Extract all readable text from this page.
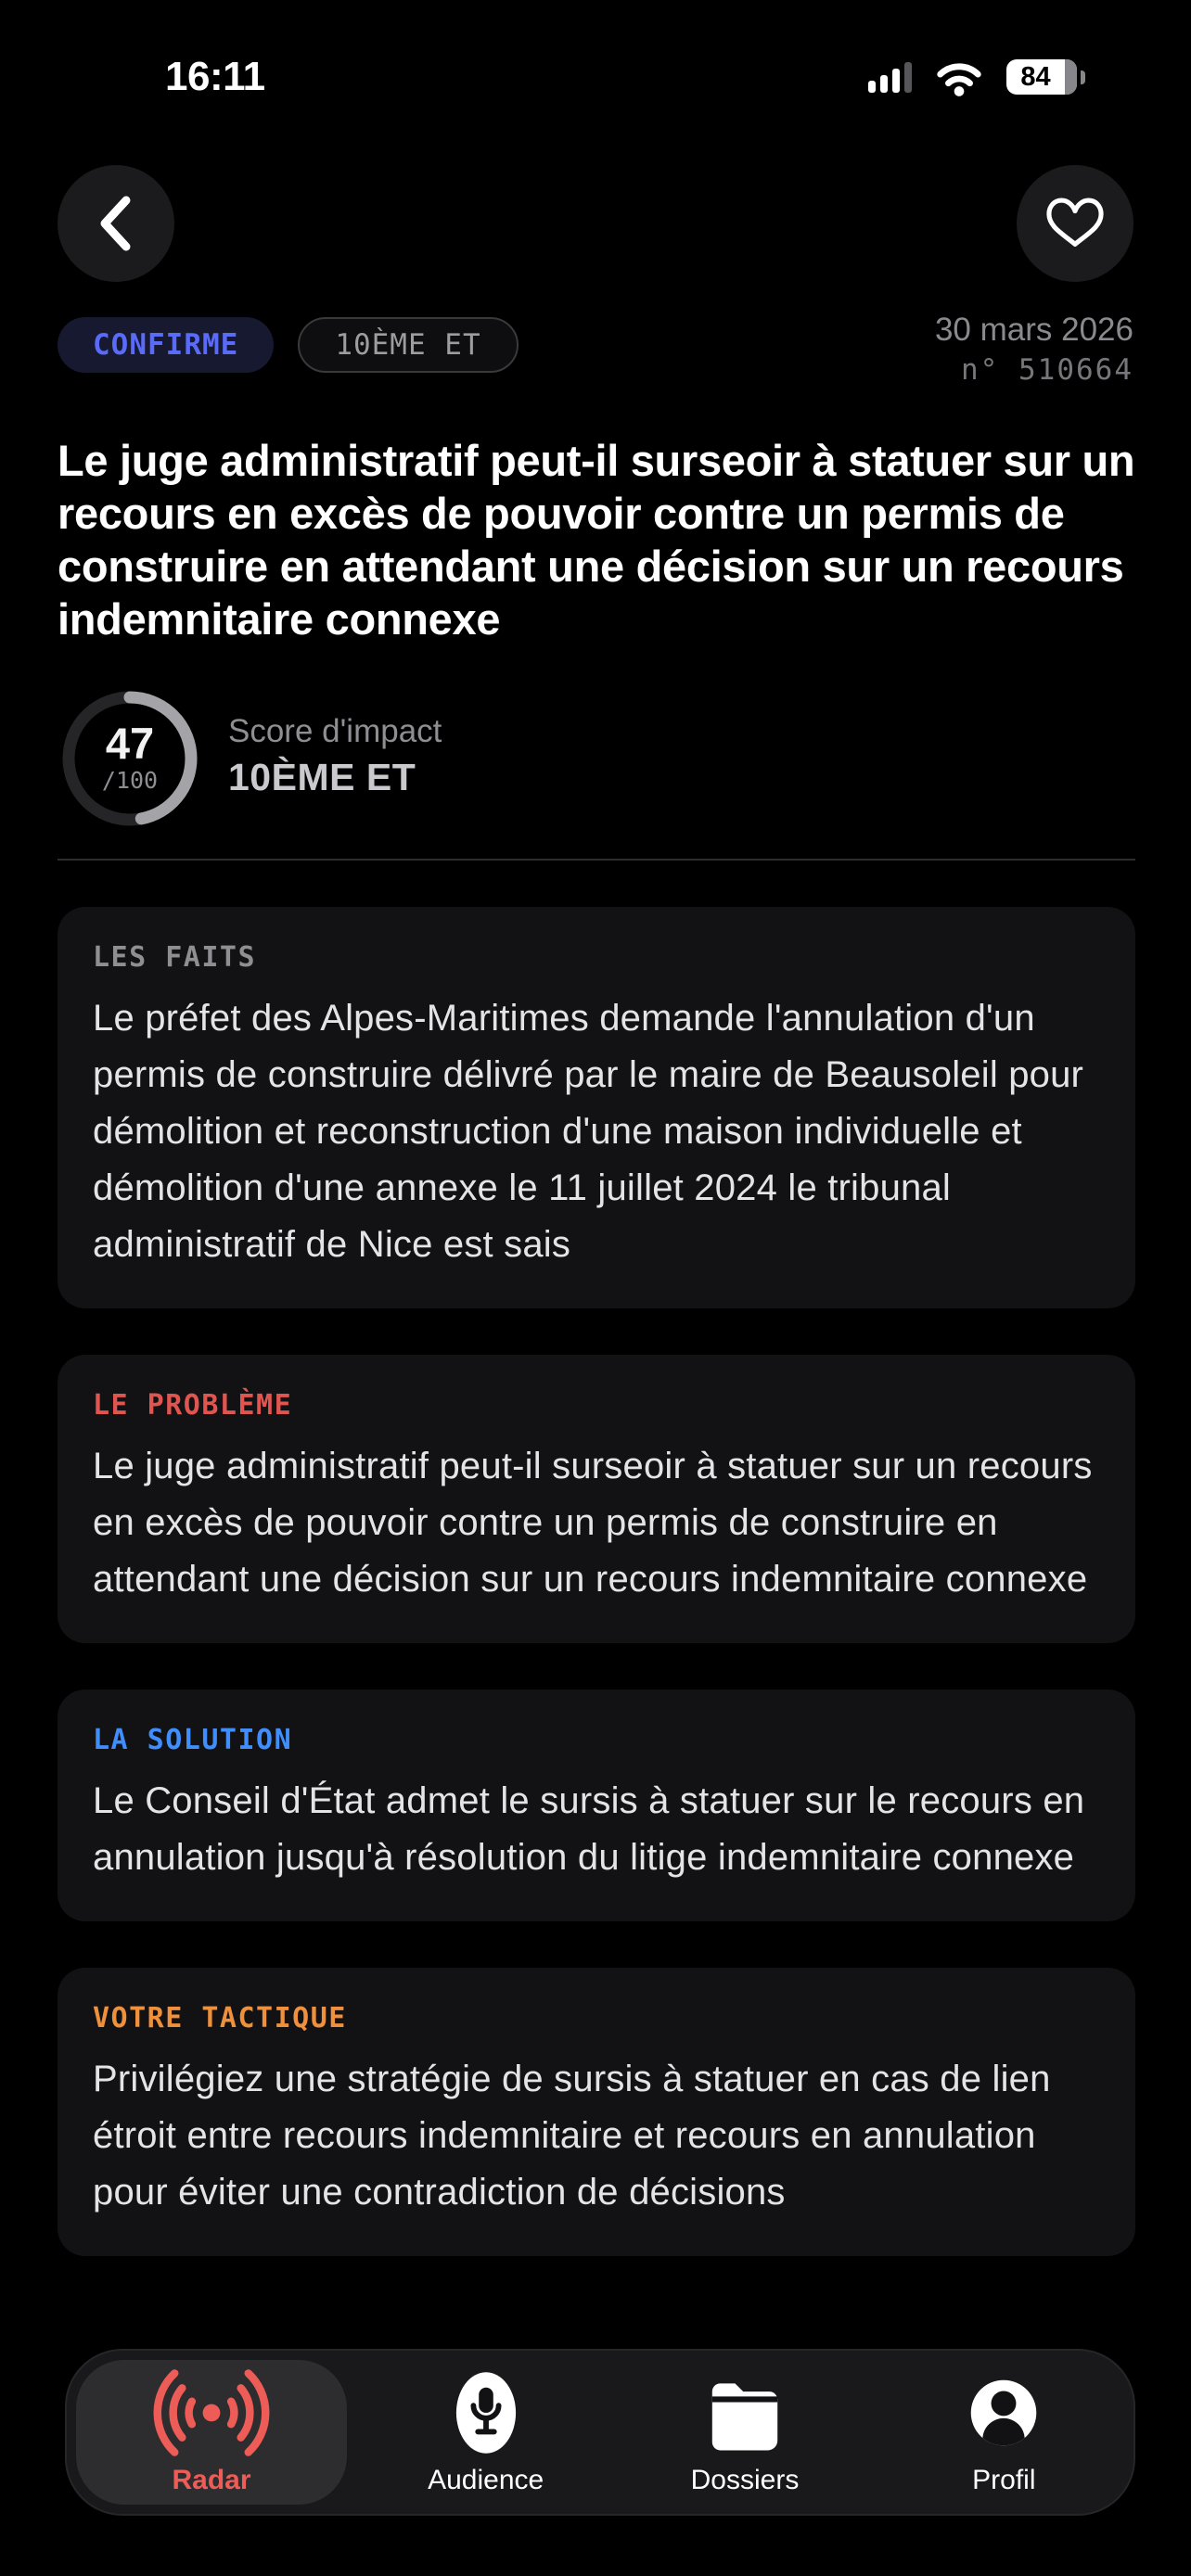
16:11	84
CONFIRME	10ÈME ET	30 mars 2026
n° 510664
Le juge administratif peut-il surseoir à statuer sur un recours en excès de pouvoir contre un permis de construire en attendant une décision sur un recours indemnitaire connexe
47
/100
Score d'impact
10ÈME ET
LES FAITS

Le préfet des Alpes-Maritimes demande l'annulation d'un permis de construire délivré par le maire de Beausoleil pour démolition et reconstruction d'une maison individuelle et démolition d'une annexe le 11 juillet 2024 le tribunal administratif de Nice est sais

LE PROBLÈME

Le juge administratif peut-il surseoir à statuer sur un recours en excès de pouvoir contre un permis de construire en attendant une décision sur un recours indemnitaire connexe

LA SOLUTION

Le Conseil d'État admet le sursis à statuer sur le recours en annulation jusqu'à résolution du litige indemnitaire connexe

VOTRE TACTIQUE

Privilégiez une stratégie de sursis à statuer en cas de lien étroit entre recours indemnitaire et recours en annulation pour éviter une contradiction de décisions

Radar	Audience	Dossiers	Profil
